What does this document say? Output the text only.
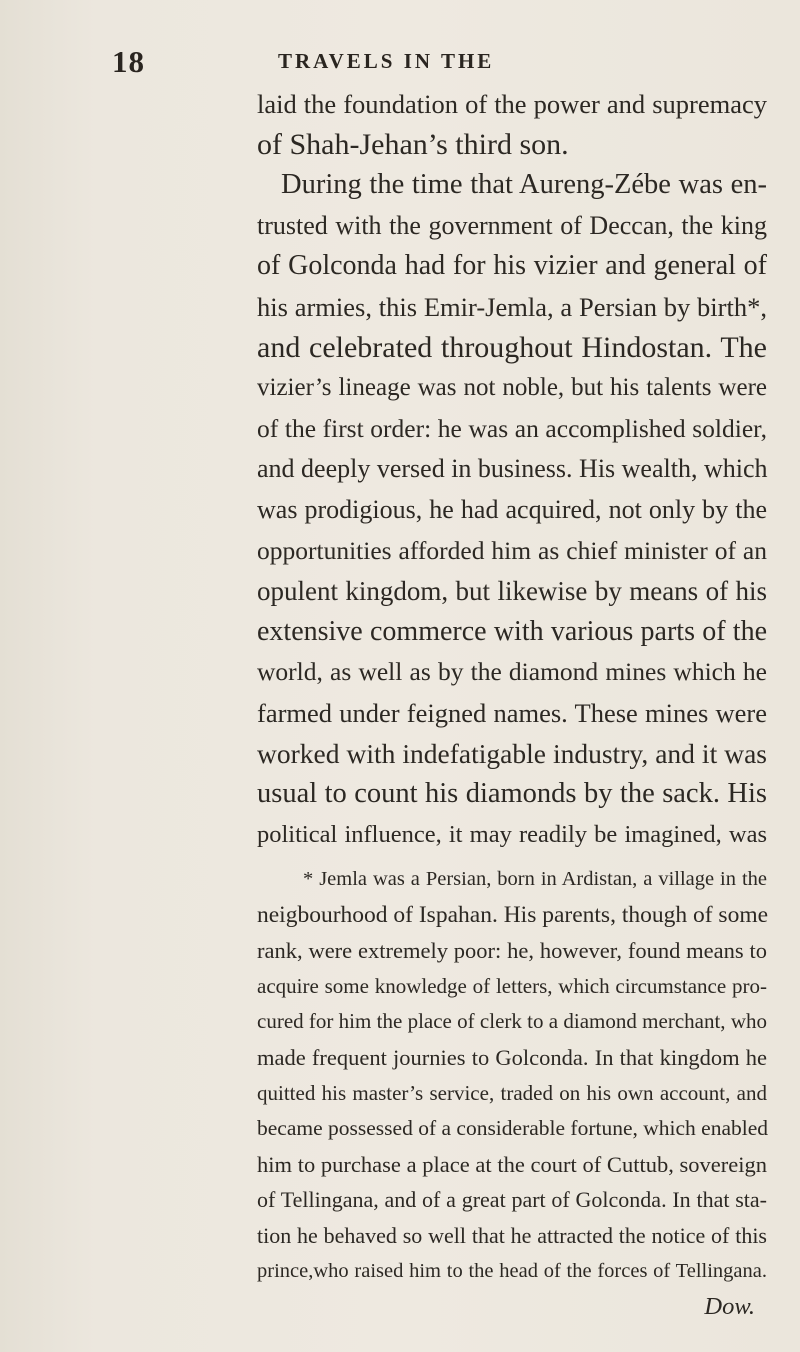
18	TRAVELS IN THE
laid the foundation of the power and supremacy
of Shah-Jehan’s third son.
During the time that Aureng-Zébe was en-
trusted with the government of Deccan, the king
of Golconda had for his vizier and general of
his armies, this Emir-Jemla, a Persian by birth*,
and celebrated throughout Hindostan. The
vizier’s lineage was not noble, but his talents were
of the first order: he was an accomplished soldier,
and deeply versed in business. His wealth, which
was prodigious, he had acquired, not only by the
opportunities afforded him as chief minister of an
opulent kingdom, but likewise by means of his
extensive commerce with various parts of the
world, as well as by the diamond mines which he
farmed under feigned names. These mines were
worked with indefatigable industry, and it was
usual to count his diamonds by the sack. His
political influence, it may readily be imagined, was
* Jemla was a Persian, born in Ardistan, a village in the
neigbourhood of Ispahan. His parents, though of some
rank, were extremely poor: he, however, found means to
acquire some knowledge of letters, which circumstance pro-
cured for him the place of clerk to a diamond merchant, who
made frequent journies to Golconda. In that kingdom he
quitted his master’s service, traded on his own account, and
became possessed of a considerable fortune, which enabled
him to purchase a place at the court of Cuttub, sovereign
of Tellingana, and of a great part of Golconda. In that sta-
tion he behaved so well that he attracted the notice of this
prince,who raised him to the head of the forces of Tellingana.
Dow.
